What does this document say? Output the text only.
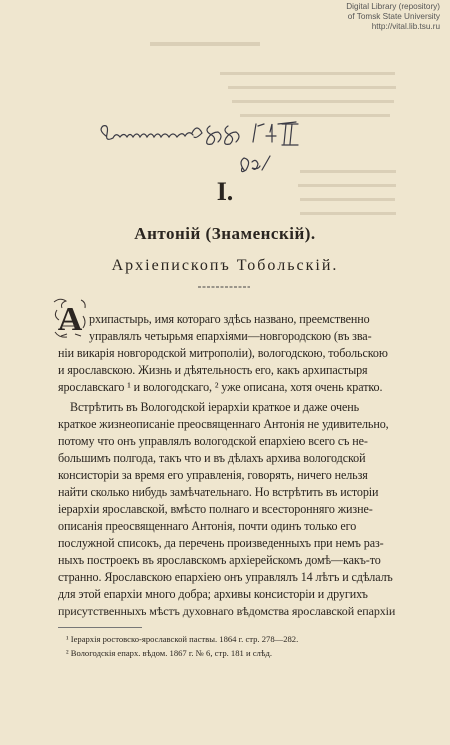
Digital Library (repository)
of Tomsk State University
http://vital.lib.tsu.ru
I.
Антоній (Знаменскій).
Архіепископъ Тобольскій.
А рхипастырь, имя котораго здѣсь названо, преемственно
управлялъ четырьмя епархіями—новгородскою (въ зва-
ніи викарія новгородской митрополіи), вологодскою, тобольскою
и ярославскою. Жизнь и дѣятельность его, какъ архипастыря
ярославскаго ¹ и вологодскаго, ² уже описана, хотя очень кратко.
Встрѣтить въ Вологодской іерархіи краткое и даже очень
краткое жизнеописаніе преосвященнаго Антонія не удивительно,
потому что онъ управлялъ вологодской епархіею всего съ не-
большимъ полгода, такъ что и въ дѣлахъ архива вологодской
консисторіи за время его управленія, говорять, ничего нельзя
найти сколько нибудь замѣчательнаго. Но встрѣтить въ исторіи
іерархіи ярославской, вмѣсто полнаго и всесторонняго жизне-
описанія преосвященнаго Антонія, почти одинъ только его
послужной списокъ, да перечень произведенныхъ при немъ раз-
ныхъ построекъ въ ярославскомъ архіерейскомъ домѣ—какъ-то
странно. Ярославскою епархіею онъ управлялъ 14 лѣтъ и сдѣлалъ
для этой епархіи много добра; архивы консисторіи и другихъ
присутственныхъ мѣстъ духовнаго вѣдомства ярославской епархіи
¹ Іерархія ростовско-ярославской паствы. 1864 г. стр. 278—282.
² Вологодскія епарх. вѣдом. 1867 г. № 6, стр. 181 и слѣд.
